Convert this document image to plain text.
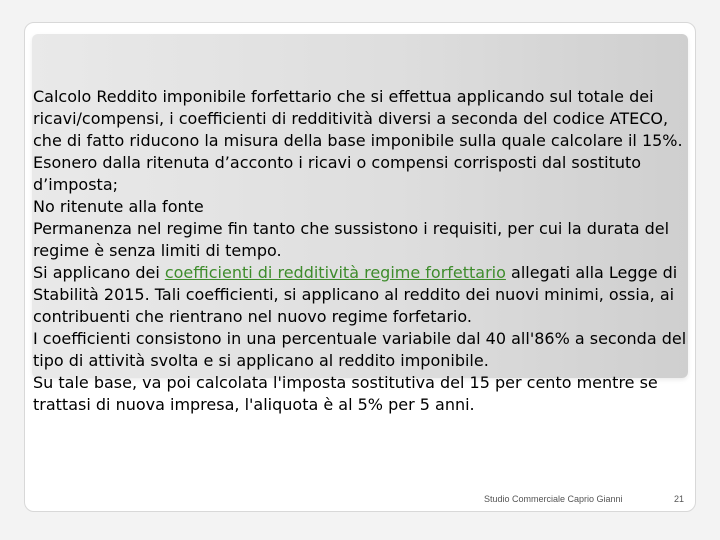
Calcolo Reddito imponibile forfettario che si effettua applicando sul totale dei ricavi/compensi, i coefficienti di redditività diversi a seconda del codice ATECO, che di fatto riducono la misura della base imponibile sulla quale calcolare il 15%.

Esonero dalla ritenuta d’acconto i ricavi o compensi corrisposti dal sostituto d’imposta;

No ritenute alla fonte

Permanenza nel regime fin tanto che sussistono i requisiti, per cui la durata del regime è senza limiti di tempo.

Si applicano dei coefficienti di redditività regime forfettario allegati alla Legge di Stabilità 2015. Tali coefficienti, si applicano al reddito dei nuovi minimi, ossia, ai contribuenti che rientrano nel nuovo regime forfetario.

I coefficienti consistono in una percentuale variabile dal 40 all'86% a seconda del tipo di attività svolta e si applicano al reddito imponibile.

Su tale base, va poi calcolata l'imposta sostitutiva del 15 per cento mentre se trattasi di nuova impresa, l'aliquota è al 5% per 5 anni.

Studio Commerciale Caprio Gianni	21
